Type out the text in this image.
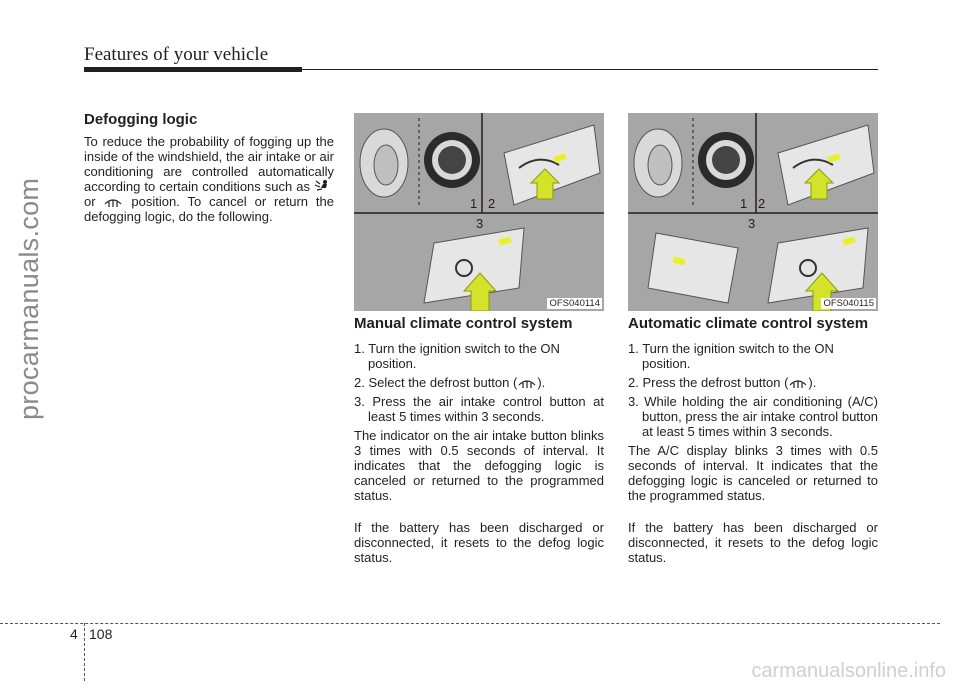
Features of your vehicle
procarmanuals.com
Defogging logic

To reduce the probability of fogging up the inside of the windshield, the air intake or air conditioning are controlled automatically according to certain conditions such as  or  position. To cancel or return the defogging logic, do the following.

1 2
3
OFS040114
1 2
3
OFS040115
Manual climate control system

1. Turn the ignition switch to the ON position.

2. Select the defrost button ( ).

3. Press the air intake control button at least 5 times within 3 seconds.

The indicator on the air intake button blinks 3 times with 0.5 seconds of interval. It indicates that the defogging logic is canceled or returned to the programmed status.

If the battery has been discharged or disconnected, it resets to the defog logic status.

Automatic climate control system

1. Turn the ignition switch to the ON position.

2. Press the defrost button ( ).

3. While holding the air conditioning (A/C) button, press the air intake control button at least 5 times within 3 seconds.

The A/C display blinks 3 times with 0.5 seconds of interval. It indicates that the defogging logic is canceled or returned to the programmed status.

If the battery has been discharged or disconnected, it resets to the defog logic status.

4 108
carmanualsonline.info
